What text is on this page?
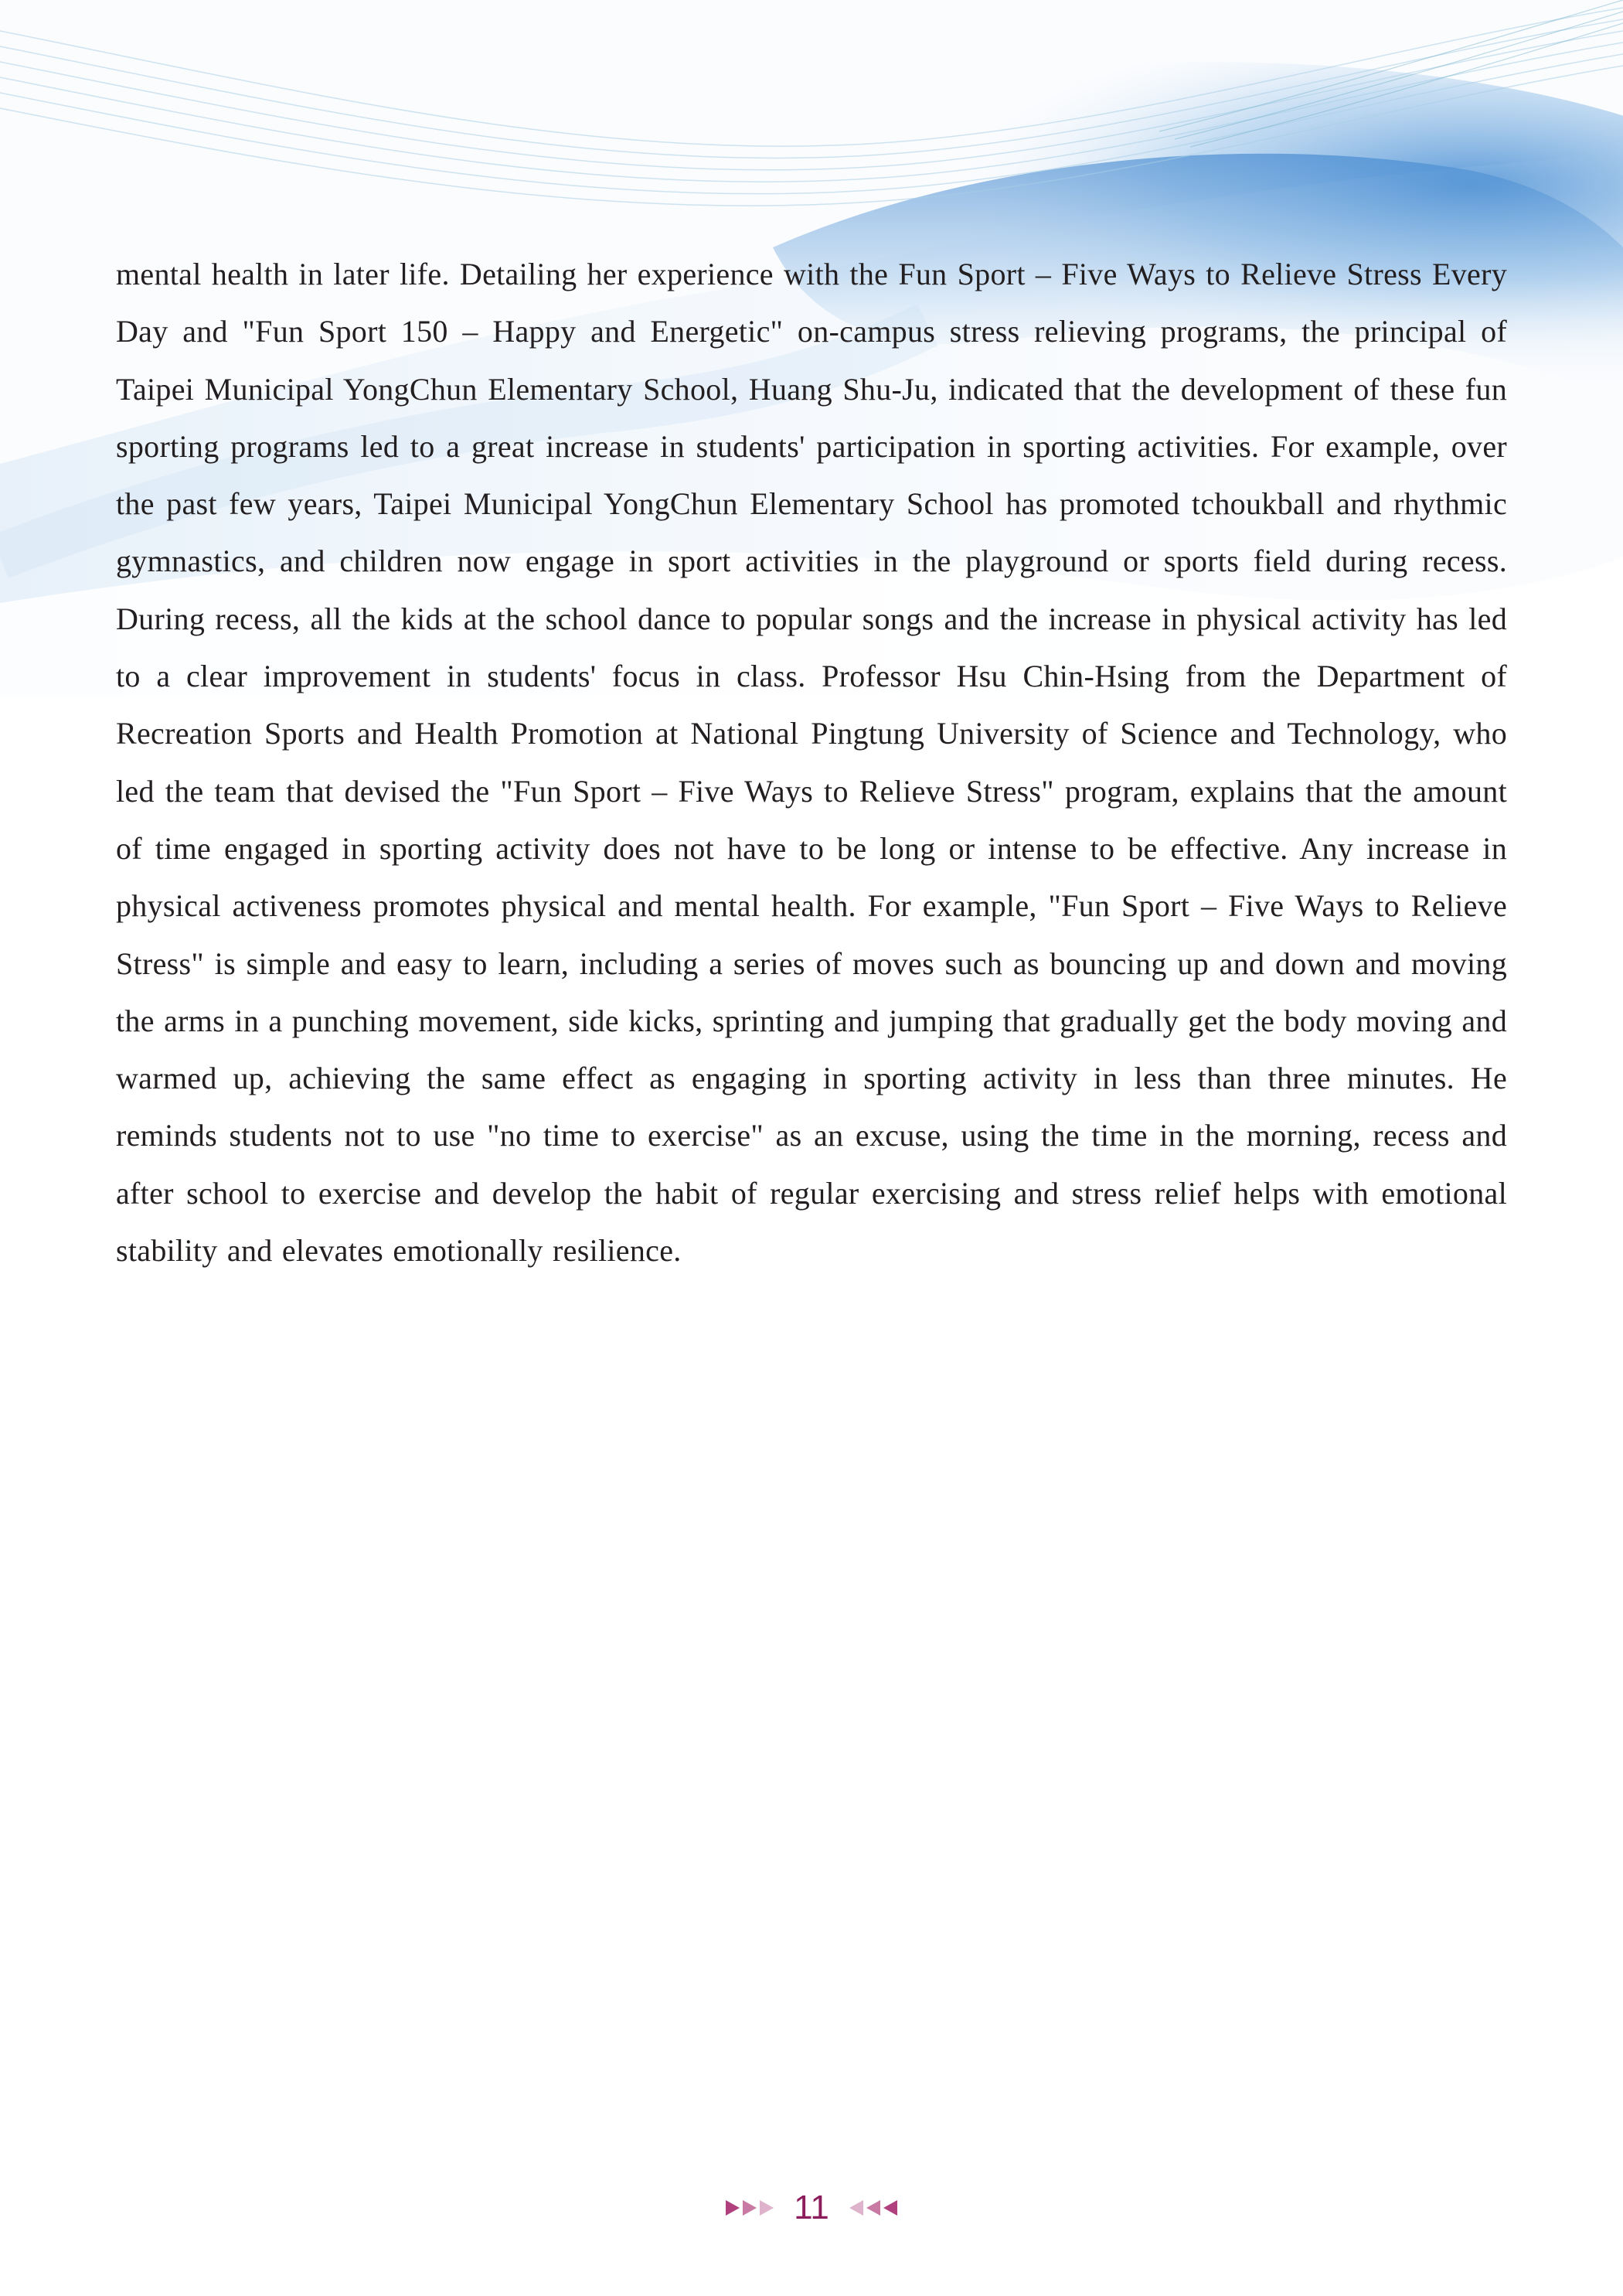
mental health in later life. Detailing her experience with the Fun Sport – Five Ways to Relieve Stress Every Day and "Fun Sport 150 – Happy and Energetic" on-campus stress relieving programs, the principal of Taipei Municipal YongChun Elementary School, Huang Shu-Ju, indicated that the development of these fun sporting programs led to a great increase in students' participation in sporting activities. For example, over the past few years, Taipei Municipal YongChun Elementary School has promoted tchoukball and rhythmic gymnastics, and children now engage in sport activities in the playground or sports field during recess. During recess, all the kids at the school dance to popular songs and the increase in physical activity has led to a clear improvement in students' focus in class. Professor Hsu Chin-Hsing from the Department of Recreation Sports and Health Promotion at National Pingtung University of Science and Technology, who led the team that devised the "Fun Sport – Five Ways to Relieve Stress" program, explains that the amount of time engaged in sporting activity does not have to be long or intense to be effective. Any increase in physical activeness promotes physical and mental health. For example, "Fun Sport – Five Ways to Relieve Stress" is simple and easy to learn, including a series of moves such as bouncing up and down and moving the arms in a punching movement, side kicks, sprinting and jumping that gradually get the body moving and warmed up, achieving the same effect as engaging in sporting activity in less than three minutes. He reminds students not to use "no time to exercise" as an excuse, using the time in the morning, recess and after school to exercise and develop the habit of regular exercising and stress relief helps with emotional stability and elevates emotionally resilience.

11
